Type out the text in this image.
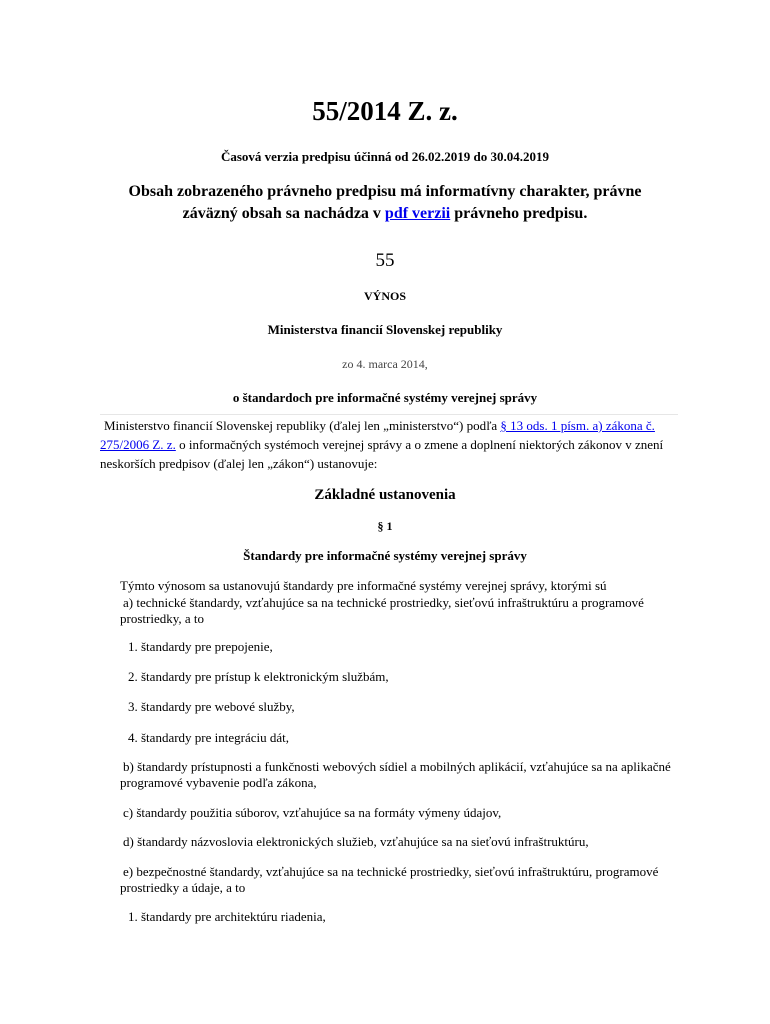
55/2014 Z. z.
Časová verzia predpisu účinná od 26.02.2019 do 30.04.2019
Obsah zobrazeného právneho predpisu má informatívny charakter, právne záväzný obsah sa nachádza v pdf verzii právneho predpisu.
55
VÝNOS
Ministerstva financií Slovenskej republiky
zo 4. marca 2014,
o štandardoch pre informačné systémy verejnej správy
Ministerstvo financií Slovenskej republiky (ďalej len „ministerstvo“) podľa § 13 ods. 1 písm. a) zákona č. 275/2006 Z. z. o informačných systémoch verejnej správy a o zmene a doplnení niektorých zákonov v znení neskorších predpisov (ďalej len „zákon“) ustanovuje:
Základné ustanovenia
§ 1
Štandardy pre informačné systémy verejnej správy
Týmto výnosom sa ustanovujú štandardy pre informačné systémy verejnej správy, ktorými sú
a) technické štandardy, vzťahujúce sa na technické prostriedky, sieťovú infraštruktúru a programové prostriedky, a to
1. štandardy pre prepojenie,
2. štandardy pre prístup k elektronickým službám,
3. štandardy pre webové služby,
4. štandardy pre integráciu dát,
b) štandardy prístupnosti a funkčnosti webových sídiel a mobilných aplikácií, vzťahujúce sa na aplikačné programové vybavenie podľa zákona,
c) štandardy použitia súborov, vzťahujúce sa na formáty výmeny údajov,
d) štandardy názvoslovia elektronických služieb, vzťahujúce sa na sieťovú infraštruktúru,
e) bezpečnostné štandardy, vzťahujúce sa na technické prostriedky, sieťovú infraštruktúru, programové prostriedky a údaje, a to
1. štandardy pre architektúru riadenia,
